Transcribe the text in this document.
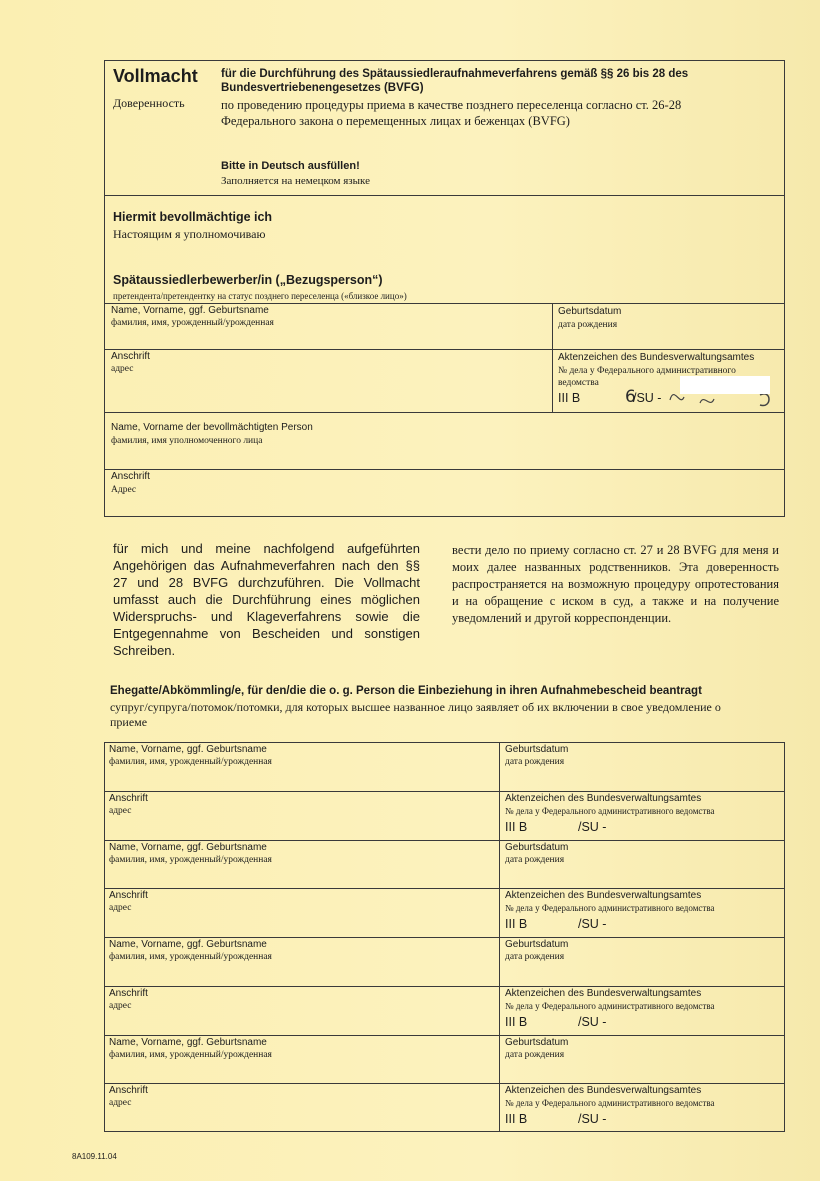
Vollmacht
Доверенность
für die Durchführung des Spätaussiedleraufnahmeverfahrens gemäß §§ 26 bis 28 des
Bundesvertriebenengesetzes (BVFG)
по проведению процедуры приема в качестве позднего переселенца согласно ст. 26-28
Федерального закона о перемещенных лицах и беженцах (BVFG)
Bitte in Deutsch ausfüllen!
Заполняется на немецком языке
Hiermit bevollmächtige ich
Настоящим я уполномочиваю
Spätaussiedlerbewerber/in („Bezugsperson“)
претендента/претендентку на статус позднего переселенца («близкое лицо»)
Name, Vorname, ggf. Geburtsname
фамилия, имя, урожденный/урожденная
Geburtsdatum
дата рождения
Anschrift
адрес
Aktenzeichen des Bundesverwaltungsamtes
№ дела у Федерального административного
ведомства
III B	6
/SU -
Name, Vorname der bevollmächtigten Person
фамилия, имя уполномоченного лица
Anschrift
Адрес
für mich und meine nachfolgend aufgeführten Angehörigen das Aufnahmeverfahren nach den §§ 27 und 28 BVFG durchzuführen. Die Vollmacht umfasst auch die Durchführung eines möglichen Widerspruchs- und Klageverfahrens sowie die Entgegennahme von Bescheiden und sonstigen Schreiben.
вести дело по приему согласно ст. 27 и 28 BVFG для меня и моих далее названных родственников. Эта доверенность распространяется на возможную процедуру опротестования и на обращение с иском в суд, а также и на получение уведомлений и другой корреспонденции.
Ehegatte/Abkömmling/e, für den/die die o. g. Person die Einbeziehung in ihren Aufnahmebescheid beantragt
супруг/супруга/потомок/потомки, для которых высшее названное лицо заявляет об их включении в свое уведомление о приеме
Name, Vorname, ggf. Geburtsname
фамилия, имя, урожденный/урожденная
Geburtsdatum
дата рождения
Anschrift
адрес
Aktenzeichen des Bundesverwaltungsamtes
№ дела у Федерального административного ведомства
III B	/SU -
Name, Vorname, ggf. Geburtsname
фамилия, имя, урожденный/урожденная
Geburtsdatum
дата рождения
Anschrift
адрес
Aktenzeichen des Bundesverwaltungsamtes
№ дела у Федерального административного ведомства
III B	/SU -
Name, Vorname, ggf. Geburtsname
фамилия, имя, урожденный/урожденная
Geburtsdatum
дата рождения
Anschrift
адрес
Aktenzeichen des Bundesverwaltungsamtes
№ дела у Федерального административного ведомства
III B	/SU -
Name, Vorname, ggf. Geburtsname
фамилия, имя, урожденный/урожденная
Geburtsdatum
дата рождения
Anschrift
адрес
Aktenzeichen des Bundesverwaltungsamtes
№ дела у Федерального административного ведомства
III B	/SU -
8A109.11.04
